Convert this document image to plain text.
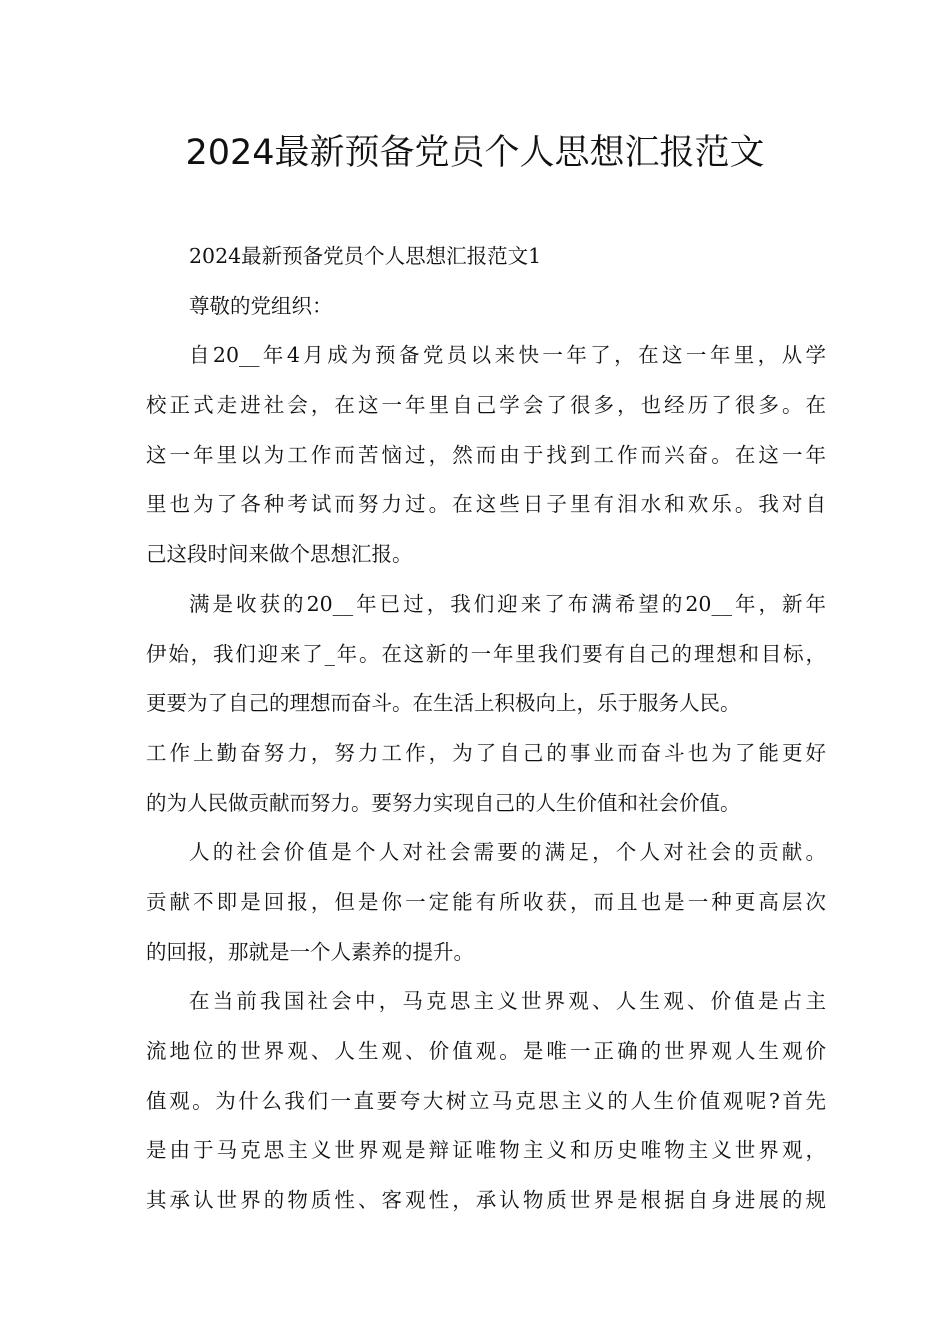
2024最新预备党员个人思想汇报范文
2024最新预备党员个人思想汇报范文1
尊敬的党组织：
自20__年4月成为预备党员以来快一年了，在这一年里，从学
校正式走进社会，在这一年里自己学会了很多，也经历了很多。在
这一年里以为工作而苦恼过，然而由于找到工作而兴奋。在这一年
里也为了各种考试而努力过。在这些日子里有泪水和欢乐。我对自
己这段时间来做个思想汇报。
满是收获的20__年已过，我们迎来了布满希望的20__年，新年
伊始，我们迎来了_年。在这新的一年里我们要有自己的理想和目标，
更要为了自己的理想而奋斗。在生活上积极向上，乐于服务人民。
工作上勤奋努力，努力工作，为了自己的事业而奋斗也为了能更好
的为人民做贡献而努力。要努力实现自己的人生价值和社会价值。
人的社会价值是个人对社会需要的满足，个人对社会的贡献。
贡献不即是回报，但是你一定能有所收获，而且也是一种更高层次
的回报，那就是一个人素养的提升。
在当前我国社会中，马克思主义世界观、人生观、价值是占主
流地位的世界观、人生观、价值观。是唯一正确的世界观人生观价
值观。为什么我们一直要夸大树立马克思主义的人生价值观呢?首先
是由于马克思主义世界观是辩证唯物主义和历史唯物主义世界观，
其承认世界的物质性、客观性，承认物质世界是根据自身进展的规
